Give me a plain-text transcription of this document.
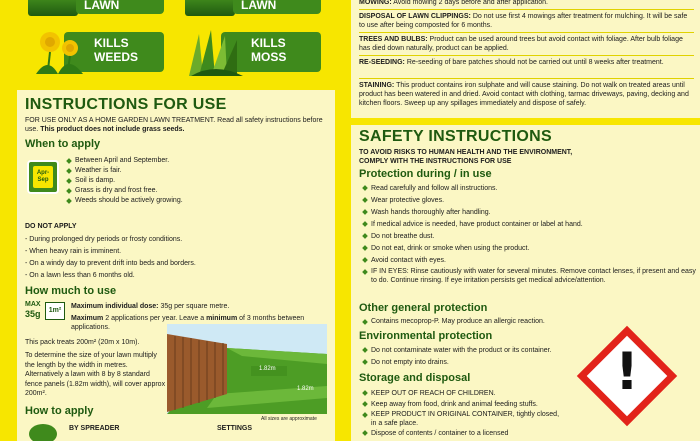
LAWN	LAWN
KILLS
WEEDS
KILLS
MOSS
INSTRUCTIONS FOR USE
FOR USE ONLY AS A HOME GARDEN LAWN TREATMENT. Read all safety instructions before use. This product does not include grass seeds.
When to apply
Apr-Sep
Between April and September.
Weather is fair.
Soil is damp.
Grass is dry and frost free.
Weeds should be actively growing.
DO NOT APPLY
- During prolonged dry periods or frosty conditions.
- When heavy rain is imminent.
- On a windy day to prevent drift into beds and borders.
- On a lawn less than 6 months old.
How much to use
MAX
35g	1m²
Maximum individual dose: 35g per square metre.
Maximum 2 applications per year. Leave a minimum of 3 months between applications.
This pack treats 200m² (20m x 10m).
To determine the size of your lawn multiply the length by the width in metres. Alternatively a lawn with 8 by 8 standard fence panels (1.82m width), will cover approx 200m².
1.82m
1.82m
All sizes are approximate
How to apply
BY SPREADER	SETTINGS
MOWING: Avoid mowing 2 days before and after application.
DISPOSAL OF LAWN CLIPPINGS: Do not use first 4 mowings after treatment for mulching. It will be safe to use after being composted for 6 months.
TREES AND BULBS: Product can be used around trees but avoid contact with foliage. After bulb foliage has died down naturally, product can be applied.
RE-SEEDING: Re-seeding of bare patches should not be carried out until 8 weeks after treatment.
STAINING: This product contains iron sulphate and will cause staining. Do not walk on treated areas until product has been watered in and dried. Avoid contact with clothing, tarmac driveways, paving, decking and kitchen floors. Sweep up any spillages immediately and dispose of safely.
SAFETY INSTRUCTIONS
TO AVOID RISKS TO HUMAN HEALTH AND THE ENVIRONMENT, COMPLY WITH THE INSTRUCTIONS FOR USE
Protection during / in use
Read carefully and follow all instructions.
Wear protective gloves.
Wash hands thoroughly after handling.
If medical advice is needed, have product container or label at hand.
Do not breathe dust.
Do not eat, drink or smoke when using the product.
Avoid contact with eyes.
IF IN EYES: Rinse cautiously with water for several minutes. Remove contact lenses, if present and easy to do. Continue rinsing. If eye irritation persists get medical advice/attention.
Other general protection
Contains mecoprop-P. May produce an allergic reaction.
Environmental protection
Do not contaminate water with the product or its container.
Do not empty into drains.
Storage and disposal
KEEP OUT OF REACH OF CHILDREN.
Keep away from food, drink and animal feeding stuffs.
KEEP PRODUCT IN ORIGINAL CONTAINER, tightly closed, in a safe place.
Dispose of contents / container to a licensed
!
